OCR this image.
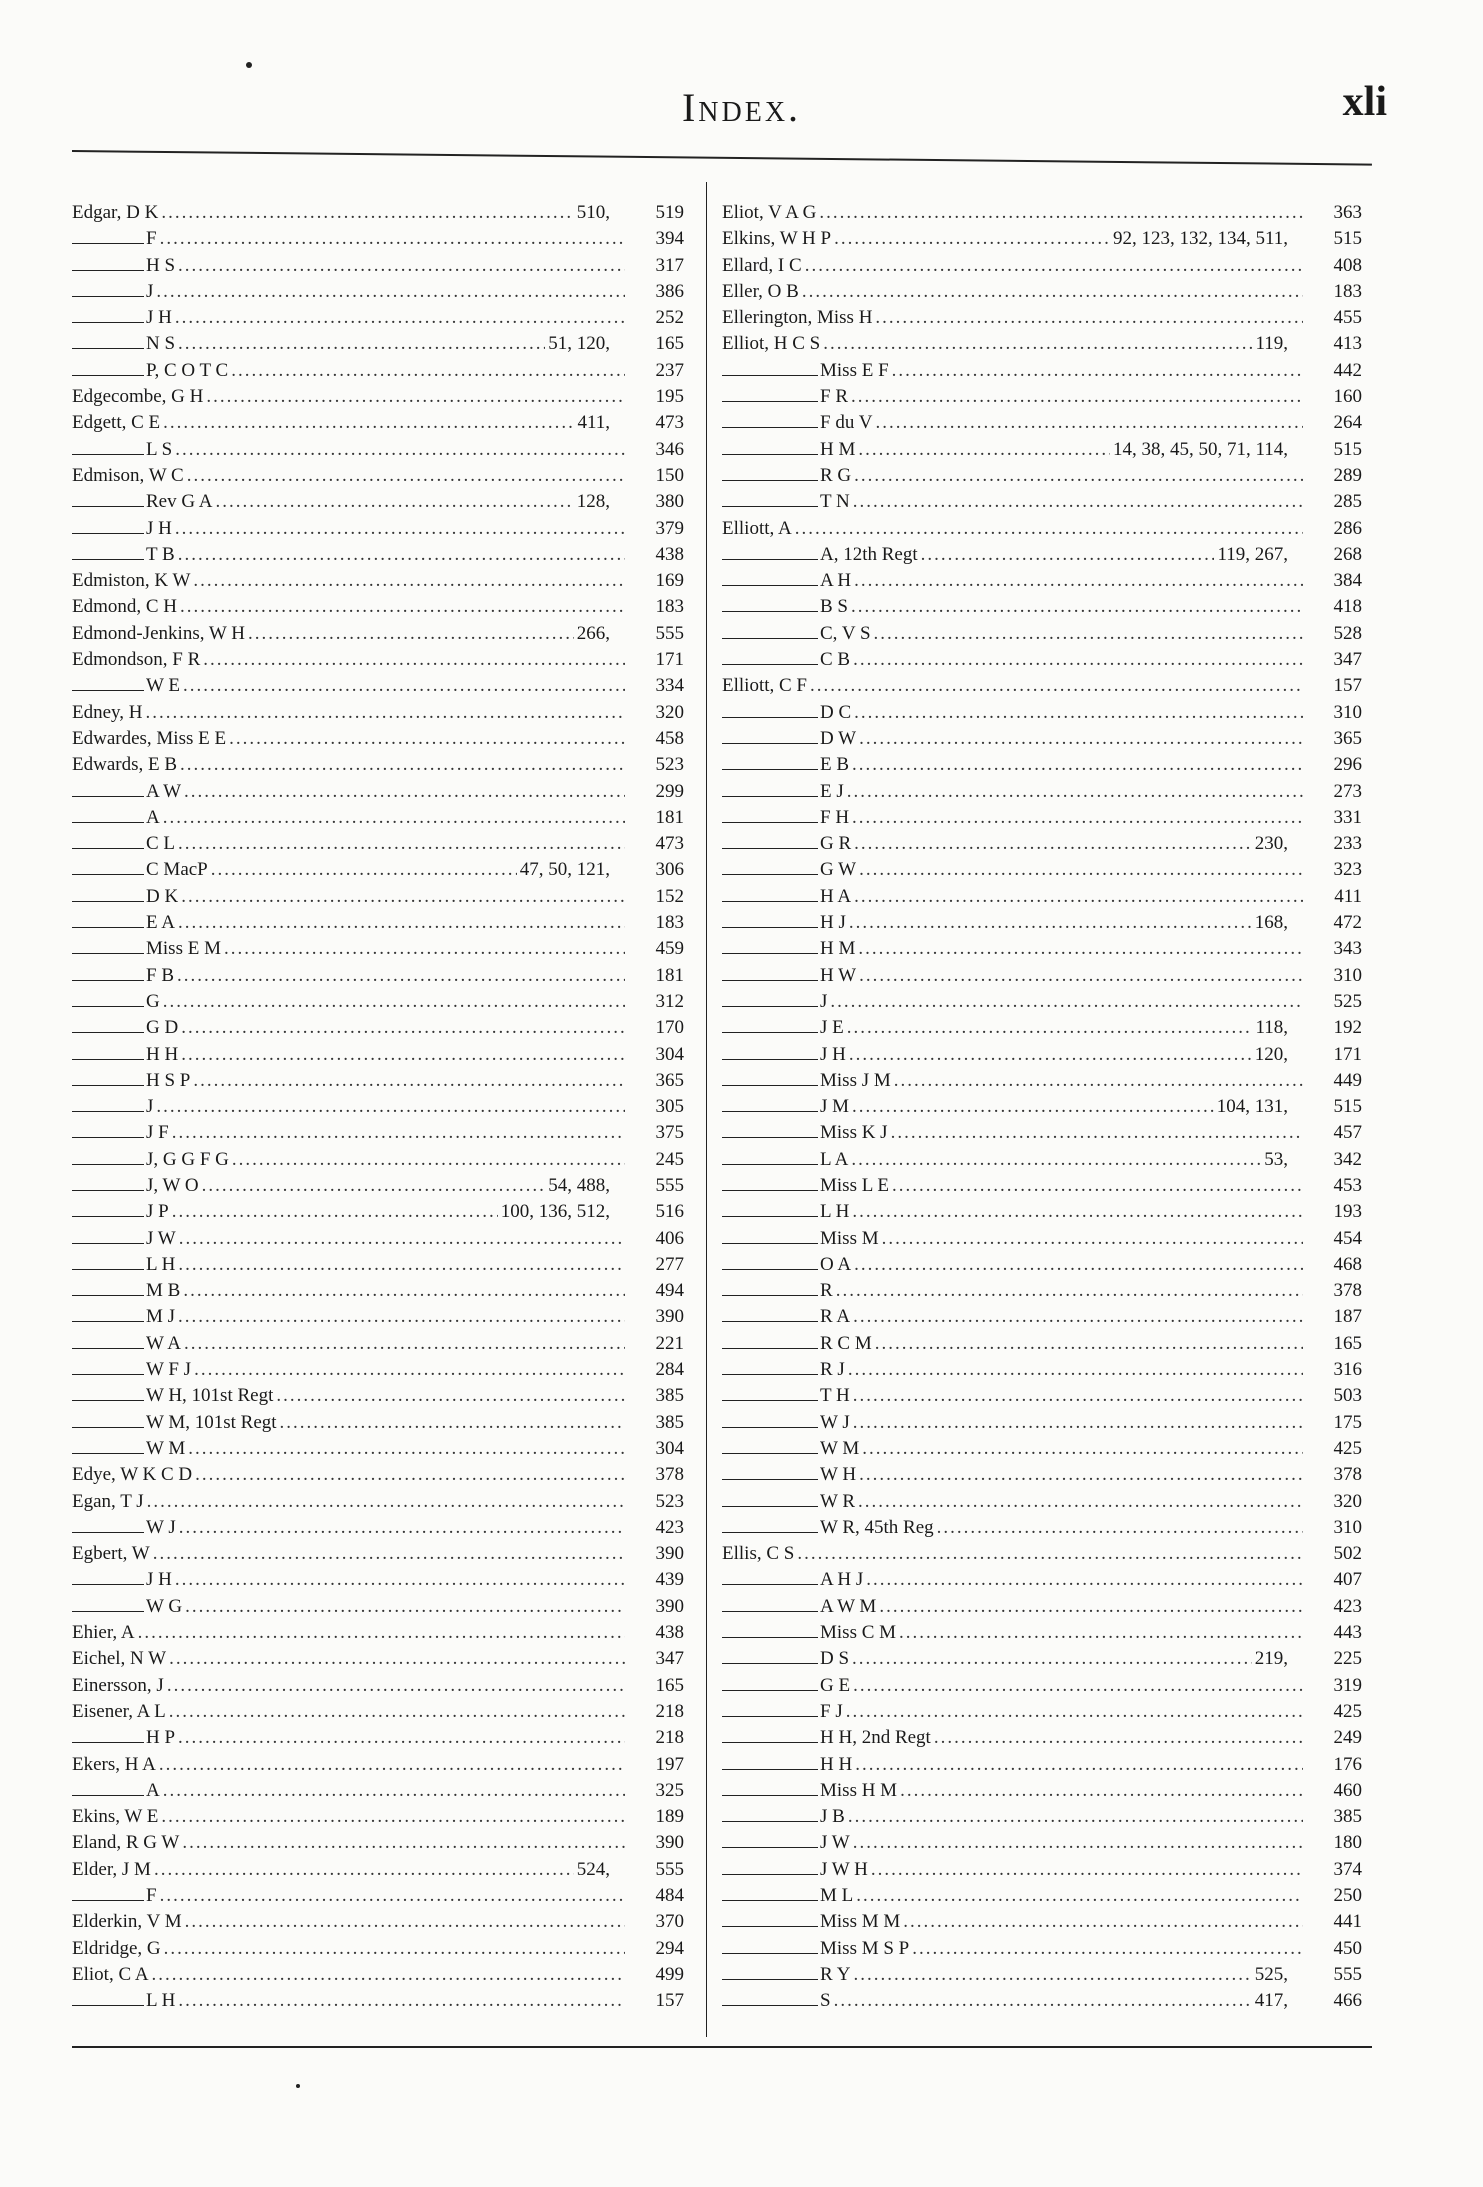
Index.	xli
Edgar, D K .....	510,	519
F .....	394
H S .....	317
J .....	386
J H .....	252
N S .....	51, 120,	165
P, C O T C .....	237
Edgecombe, G H .....	195
Edgett, C E .....	411,	473
L S .....	346
Edmison, W C .....	150
Rev G A .....	128,	380
J H .....	379
T B .....	438
Edmiston, K W .....	169
Edmond, C H .....	183
Edmond-Jenkins, W H .....	266,	555
Edmondson, F R .....	171
W E .....	334
Edney, H .....	320
Edwardes, Miss E E .....	458
Edwards, E B .....	523
A W .....	299
A .....	181
C L .....	473
C MacP .....	47, 50, 121,	306
D K .....	152
E A .....	183
Miss E M .....	459
F B .....	181
G .....	312
G D .....	170
H H .....	304
H S P .....	365
J .....	305
J F .....	375
J, G G F G .....	245
J, W O .....	54, 488,	555
J P .....	100, 136, 512,	516
J W .....	406
L H .....	277
M B .....	494
M J .....	390
W A .....	221
W F J .....	284
W H, 101st Regt .....	385
W M, 101st Regt .....	385
W M .....	304
Edye, W K C D .....	378
Egan, T J .....	523
W J .....	423
Egbert, W .....	390
J H .....	439
W G .....	390
Ehier, A .....	438
Eichel, N W .....	347
Einersson, J .....	165
Eisener, A L .....	218
H P .....	218
Ekers, H A .....	197
A .....	325
Ekins, W E .....	189
Eland, R G W .....	390
Elder, J M .....	524,	555
F .....	484
Elderkin, V M .....	370
Eldridge, G .....	294
Eliot, C A .....	499
L H .....	157
Eliot, V A G .....	363
Elkins, W H P .....	92, 123, 132, 134, 511,	515
Ellard, I C .....	408
Eller, O B .....	183
Ellerington, Miss H .....	455
Elliot, H C S .....	119,	413
Miss E F .....	442
F R .....	160
F du V .....	264
H M .....	14, 38, 45, 50, 71, 114,	515
R G .....	289
T N .....	285
Elliott, A .....	286
A, 12th Regt .....	119, 267,	268
A H .....	384
B S .....	418
C, V S .....	528
C B .....	347
Elliott, C F .....	157
D C .....	310
D W .....	365
E B .....	296
E J .....	273
F H .....	331
G R .....	230,	233
G W .....	323
H A .....	411
H J .....	168,	472
H M .....	343
H W .....	310
J .....	525
J E .....	118,	192
J H .....	120,	171
Miss J M .....	449
J M .....	104, 131,	515
Miss K J .....	457
L A .....	53,	342
Miss L E .....	453
L H .....	193
Miss M .....	454
O A .....	468
R .....	378
R A .....	187
R C M .....	165
R J .....	316
T H .....	503
W J .....	175
W M .....	425
W H .....	378
W R .....	320
W R, 45th Reg .....	310
Ellis, C S .....	502
A H J .....	407
A W M .....	423
Miss C M .....	443
D S .....	219,	225
G E .....	319
F J .....	425
H H, 2nd Regt .....	249
H H .....	176
Miss H M .....	460
J B .....	385
J W .....	180
J W H .....	374
M L .....	250
Miss M M .....	441
Miss M S P .....	450
R Y .....	525,	555
S .....	417,	466
